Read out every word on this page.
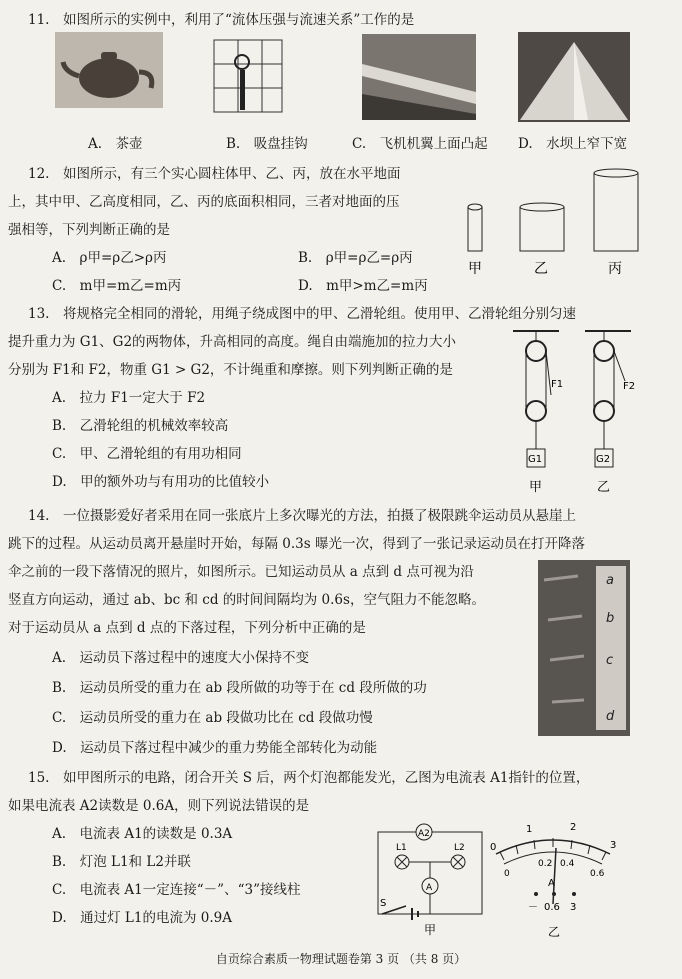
11.　如图所示的实例中，利用了“流体压强与流速关系”工作的是
A.　茶壶	B.　吸盘挂钩	C.　飞机机翼上面凸起 D.　水坝上窄下宽
12.　如图所示，有三个实心圆柱体甲、乙、丙，放在水平地面
上，其中甲、乙高度相同，乙、丙的底面积相同，三者对地面的压
强相等，下列判断正确的是
A.　ρ甲=ρ乙>ρ丙	B.　ρ甲=ρ乙=ρ丙
C.　m甲=m乙=m丙	D.　m甲>m乙=m丙
甲	乙	丙
13.　将规格完全相同的滑轮，用绳子绕成图中的甲、乙滑轮组。使用甲、乙滑轮组分别匀速
提升重力为 G1、G2的两物体，升高相同的高度。绳自由端施加的拉力大小
分别为 F1和 F2，物重 G1 > G2，不计绳重和摩擦。则下列判断正确的是
A.　拉力 F1一定大于 F2
B.　乙滑轮组的机械效率较高
C.　甲、乙滑轮组的有用功相同
D.　甲的额外功与有用功的比值较小
F1
G1
甲
F2
G2
乙
14.　一位摄影爱好者采用在同一张底片上多次曝光的方法，拍摄了极限跳伞运动员从悬崖上
跳下的过程。从运动员离开悬崖时开始，每隔 0.3s 曝光一次，得到了一张记录运动员在打开降落
伞之前的一段下落情况的照片，如图所示。已知运动员从 a 点到 d 点可视为沿
竖直方向运动，通过 ab、bc 和 cd 的时间间隔均为 0.6s，空气阻力不能忽略。
对于运动员从 a 点到 d 点的下落过程，下列分析中正确的是
A.　运动员下落过程中的速度大小保持不变
B.　运动员所受的重力在 ab 段所做的功等于在 cd 段所做的功
C.　运动员所受的重力在 ab 段做功比在 cd 段做功慢
D.　运动员下落过程中减少的重力势能全部转化为动能
a
b
c
d
15.　如甲图所示的电路，闭合开关 S 后，两个灯泡都能发光，乙图为电流表 A1指针的位置，
如果电流表 A2读数是 0.6A，则下列说法错误的是
A.　电流表 A1的读数是 0.3A
B.　灯泡 L1和 L2并联
C.　电流表 A1一定连接“－”、“3”接线柱
D.　通过灯 L1的电流为 0.9A
A2
L1	L2
A
S
甲
0
1	2
3
0
0.2 0.4
0.6
A
－ 0.6 3
乙
自贡综合素质一物理试题卷第 3 页 （共 8 页）
